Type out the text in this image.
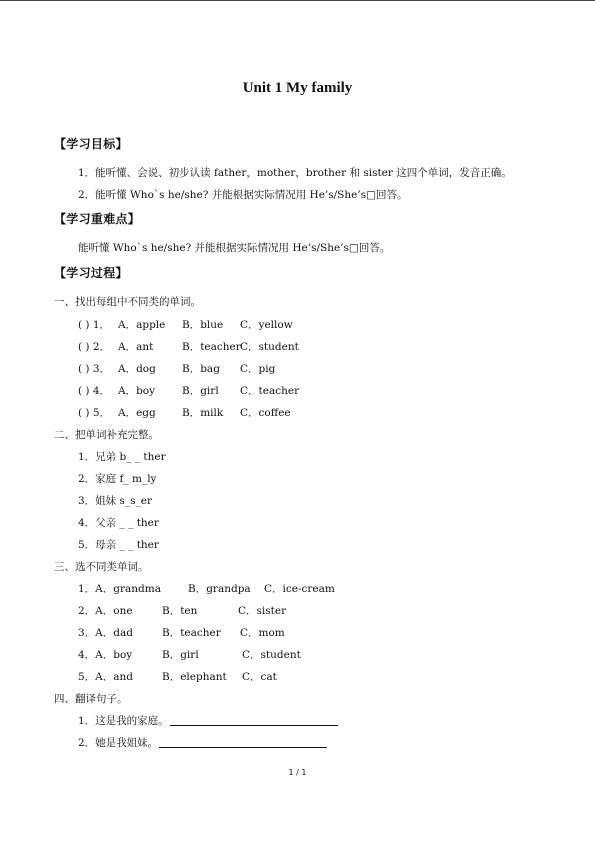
Unit 1 My family
【学习目标】
1．能听懂、会说、初步认读 father，mother，brother 和 sister 这四个单词，发音正确。
2．能听懂 Who`s he/she? 并能根据实际情况用 He’s/She’s□回答。
【学习重难点】
能听懂 Who`s he/she? 并能根据实际情况用 He’s/She’s□回答。
【学习过程】
一、找出每组中不同类的单词。
( ) 1． A．apple B．blue C．yellow
( ) 2． A．ant	B．teacherC．student
( ) 3． A．dog B．bag C．pig
( ) 4． A．boy	B．girl C．teacher
( ) 5． A．egg	B．milk C．coffee
二、把单词补充完整。
1．兄弟 b_ _ ther
2．家庭 f_ m_ly
3．姐妹 s_s_er
4．父亲 _ _ ther
5．母亲 _ _ ther
三、选不同类单词。
1．A．grandma	B．grandpa C．ice-cream
2．A．one	B．ten	C．sister
3．A．dad	B．teacher C．mom
4．A．boy	B．girl	C．student
5．A．and	B．elephant C．cat
四、翻译句子。
1．这是我的家庭。
2．她是我姐妹。
1 / 1
